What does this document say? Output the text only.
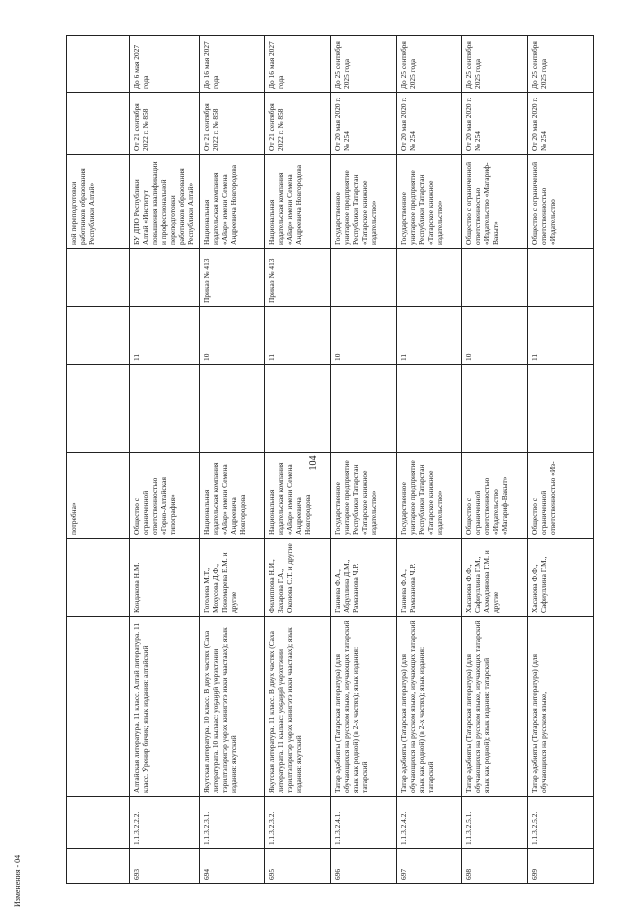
104
				потребна»				ной переподготовки работников образования Республики Алтай»		
693	1.1.3.2.2.2.	Алтайская литература. 11 класс. Алтай литература. 11 класс. Ӱренир бичик; язык издания: алтайский	Кондакова Н.М.	Общество с ограниченной ответственностью «Горно-Алтайская типография»		11		БУ ДПО Республики Алтай «Институт повышения квалификации и профессиональной переподготовки работников образования Республики Алтай»	От 21 сентября 2022 г. № 858	До 6 мая 2027 года
694	1.1.3.2.3.1.	Якутская литература. 10 класс. В двух частях (Саха литературата. 10 кылаас: уоҕаӈӈӥ үөрэхтэнии тэрилтэлэригэр үөрэх кинигэтэ икки чаастаах); язык издания: якутский	Гоголева М.Т., Мохусова Д.Ф., Пономарева Е.М. и другие	Национальная издательская компания «Айар» имени Семена Андреевича Новгородова		10	Приказ № 413	Национальная издательская компания «Айар» имени Семена Андреевича Новгородова	От 21 сентября 2022 г. № 858	До 16 мая 2027 года
695	1.1.3.2.3.2.	Якутская литература. 11 класс. В двух частях (Саха литературата. 11 кылаас: уоҕаӈӈӥ үөрэхтэнии тэрилтэлэригэр үөрэх кинигэтэ икки чаастаах); язык издания: якутский	Филиппова Н.И., Захарова Г.А., Оконова С.Т. и другие	Национальная издательская компания «Айар» имени Семена Андреевича Новгородова		11	Приказ № 413	Национальная издательская компания «Айар» имени Семена Андреевича Новгородова	От 21 сентября 2022 г. № 858	До 16 мая 2027 года
696	1.1.3.2.4.1.	Татар әдәбияты (Татарская литература) (для обучающихся на русском языке, изучающих татарский язык как родной) (в 2-х частях); язык издания: татарский	Ганиева Ф.А., Абдуллина Д.М., Рамазанова Ч.Р.	Государственное унитарное предприятие Республики Татарстан «Татарское книжное издательство»		10		Государственное унитарное предприятие Республики Татарстан «Татарское книжное издательство»	От 20 мая 2020 г. № 254	До 25 сентября 2025 года
697	1.1.3.2.4.2.	Татар әдәбияты (Татарская литература) (для обучающихся на русском языке, изучающих татарский язык как родной) (в 2-х частях); язык издания: татарский	Ганиева Ф.А., Рамазанова Ч.Р.	Государственное унитарное предприятие Республики Татарстан «Татарское книжное издательство»		11		Государственное унитарное предприятие Республики Татарстан «Татарское книжное издательство»	От 20 мая 2020 г. № 254	До 25 сентября 2025 года
698	1.1.3.2.5.1.	Татар әдәбияты (Татарская литература) (для обучающихся на русском языке, изучающих татарский язык как родной); язык издания: татарский	Хасанова Ф.Ф., Сафиуллина Г.М., Ахмедзянова Г.М. и другие	Общество с ограниченной ответственностью «Издательство «Магариф-Вакыт»		10		Общество с ограниченной ответственностью «Издательство «Магариф-Вакыт»	От 20 мая 2020 г. № 254	До 25 сентября 2025 года
699	1.1.3.2.5.2.	Татар әдәбияты (Татарская литература) (для обучающихся на русском языке,	Хасанова Ф.Ф., Сафиуллина Г.М.,	Общество с ограниченной ответственностью «Из-		11		Общество с ограниченной ответственностью «Издательство	От 20 мая 2020 г. № 254	До 25 сентября 2025 года
Изменения - 04
